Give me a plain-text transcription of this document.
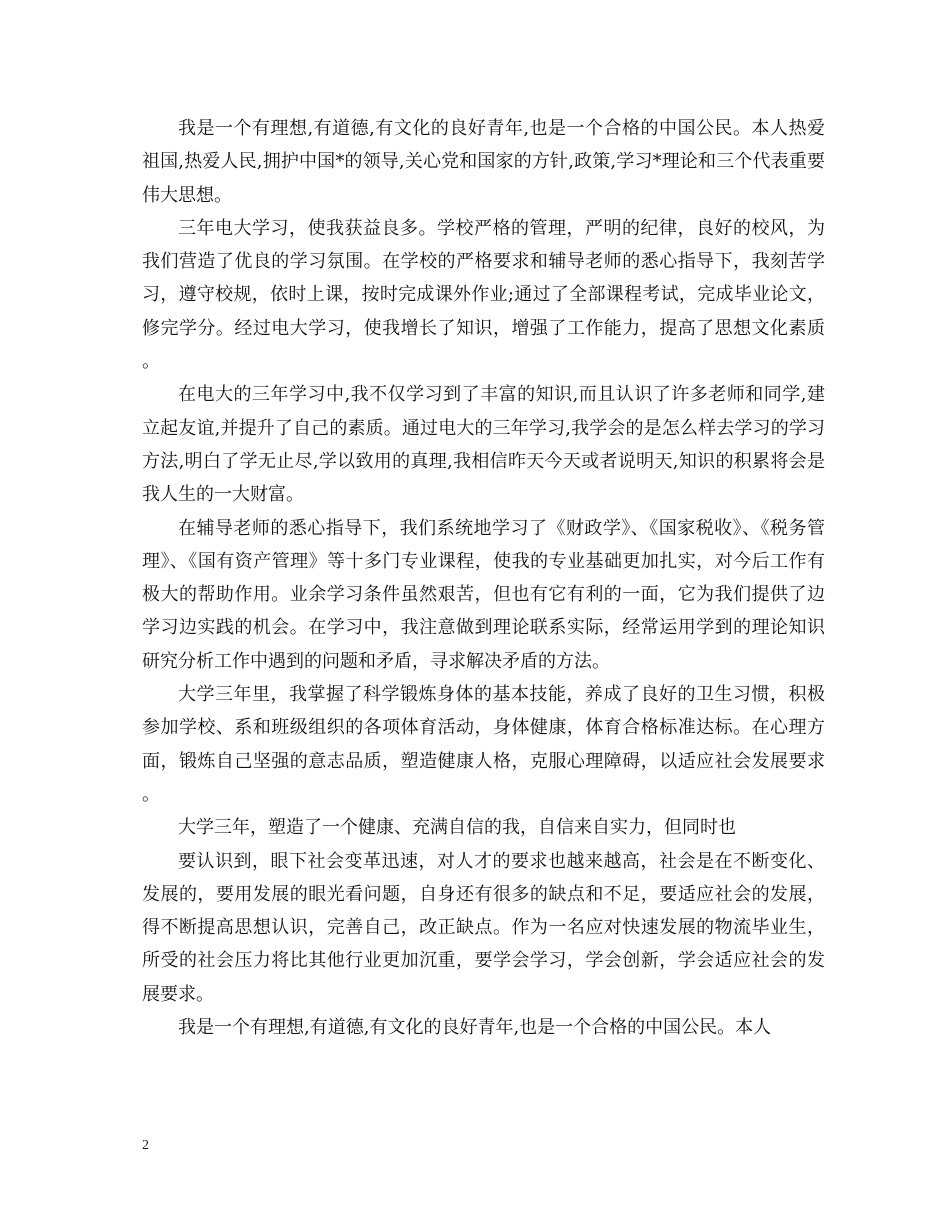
我是一个有理想,有道德,有文化的良好青年,也是一个合格的中国公民。本人热爱祖国,热爱人民,拥护中国*的领导,关心党和国家的方针,政策,学习*理论和三个代表重要伟大思想。

三年电大学习，使我获益良多。学校严格的管理，严明的纪律，良好的校风，为我们营造了优良的学习氛围。在学校的严格要求和辅导老师的悉心指导下，我刻苦学习，遵守校规，依时上课，按时完成课外作业;通过了全部课程考试，完成毕业论文，修完学分。经过电大学习，使我增长了知识，增强了工作能力，提高了思想文化素质。

在电大的三年学习中,我不仅学习到了丰富的知识,而且认识了许多老师和同学,建立起友谊,并提升了自己的素质。通过电大的三年学习,我学会的是怎么样去学习的学习方法,明白了学无止尽,学以致用的真理,我相信昨天今天或者说明天,知识的积累将会是我人生的一大财富。

在辅导老师的悉心指导下，我们系统地学习了《财政学》、《国家税收》、《税务管理》、《国有资产管理》等十多门专业课程，使我的专业基础更加扎实，对今后工作有极大的帮助作用。业余学习条件虽然艰苦，但也有它有利的一面，它为我们提供了边学习边实践的机会。在学习中，我注意做到理论联系实际，经常运用学到的理论知识研究分析工作中遇到的问题和矛盾，寻求解决矛盾的方法。

大学三年里，我掌握了科学锻炼身体的基本技能，养成了良好的卫生习惯，积极参加学校、系和班级组织的各项体育活动，身体健康，体育合格标准达标。在心理方面，锻炼自己坚强的意志品质，塑造健康人格，克服心理障碍，以适应社会发展要求。

大学三年，塑造了一个健康、充满自信的我，自信来自实力，但同时也

要认识到，眼下社会变革迅速，对人才的要求也越来越高，社会是在不断变化、发展的，要用发展的眼光看问题，自身还有很多的缺点和不足，要适应社会的发展，得不断提高思想认识，完善自己，改正缺点。作为一名应对快速发展的物流毕业生，所受的社会压力将比其他行业更加沉重，要学会学习，学会创新，学会适应社会的发展要求。

我是一个有理想,有道德,有文化的良好青年,也是一个合格的中国公民。本人

2
